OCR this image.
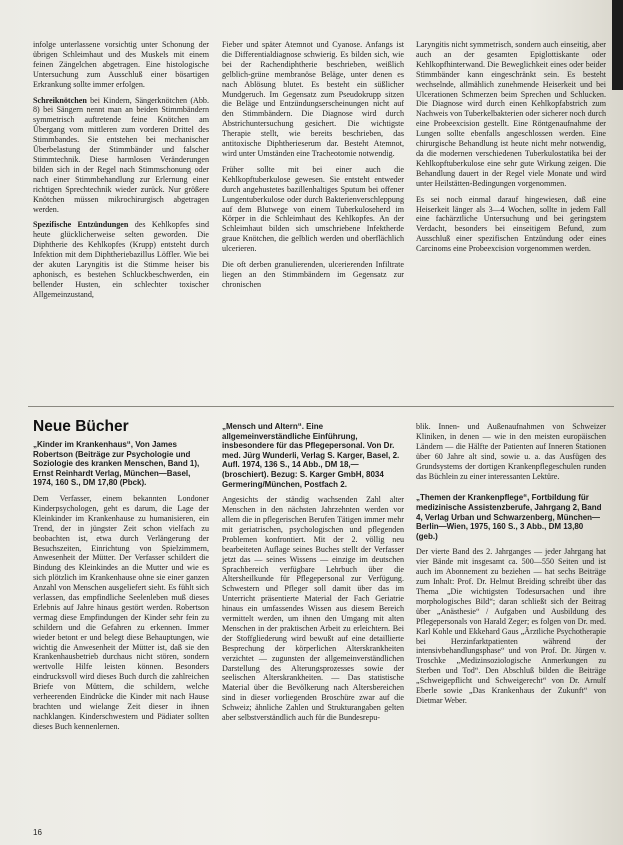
infolge unterlassene vorsichtig unter Schonung der übrigen Schleimhaut und des Muskels mit einem feinen Zängelchen abgetragen. Eine histologische Untersuchung zum Ausschluß einer bösartigen Erkrankung sollte immer erfolgen.

Schreiknötchen bei Kindern, Sängerknötchen (Abb. 8) bei Sängern nennt man an beiden Stimmbändern symmetrisch auftretende feine Knötchen am Übergang vom mittleren zum vorderen Drittel des Stimmbandes. Sie entstehen bei mechanischer Überbelastung der Stimmbänder und falscher Stimmtechnik. Diese harmlosen Veränderungen bilden sich in der Regel nach Stimmschonung oder nach einer Stimmbehandlung zur Erlernung einer richtigen Sprechtechnik wieder zurück. Nur größere Knötchen müssen mikrochirurgisch abgetragen werden.

Spezifische Entzündungen des Kehlkopfes sind heute glücklicherweise selten geworden. Die Diphtherie des Kehlkopfes (Krupp) entsteht durch Infektion mit dem Diphtheriebazillus Löffler. Wie bei der akuten Laryngitis ist die Stimme heiser bis aphonisch, es bestehen Schluckbeschwerden, ein bellender Husten, ein schlechter toxischer Allgemeinzustand,

Fieber und später Atemnot und Cyanose. Anfangs ist die Differentialdiagnose schwierig. Es bilden sich, wie bei der Rachendiphtherie beschrieben, weißlich gelblich-grüne membranöse Beläge, unter denen es nach Ablösung blutet. Es besteht ein süßlicher Mundgeruch. Im Gegensatz zum Pseudokrupp sitzen die Beläge und Entzündungserscheinungen nicht auf den Stimmbändern. Die Diagnose wird durch Abstrichuntersuchung gesichert. Die wichtigste Therapie stellt, wie bereits beschrieben, das antitoxische Diphtherieserum dar. Besteht Atemnot, wird unter Umständen eine Tracheotomie notwendig.

Früher sollte mit bei einer auch die Kehlkopftuberkulose gewesen. Sie entsteht entweder durch angehustetes bazillenhaltiges Sputum bei offener Lungentuberkulose oder durch Bakterienverschleppung auf dem Blutwege von einem Tuberkuloseherd im Körper in die Schleimhaut des Kehlkopfes. An der Schleimhaut bilden sich umschriebene Infektherde graue Knötchen, die gelblich werden und oberflächlich ulcerieren.

Die oft derben granulierenden, ulcerierenden Infiltrate liegen an den Stimmbändern im Gegensatz zur chronischen

Laryngitis nicht symmetrisch, sondern auch einseitig, aber auch an der gesamten Epiglottiskante oder Kehlkopfhinterwand. Die Beweglichkeit eines oder beider Stimmbänder kann eingeschränkt sein. Es besteht wechselnde, allmählich zunehmende Heiserkeit und bei Ulcerationen Schmerzen beim Sprechen und Schlucken. Die Diagnose wird durch einen Kehlkopfabstrich zum Nachweis von Tuberkelbakterien oder sicherer noch durch eine Probeexcision gestellt. Eine Röntgenaufnahme der Lungen sollte ebenfalls angeschlossen werden. Eine chirurgische Behandlung ist heute nicht mehr notwendig, da die modernen verschiedenen Tuberkulostatika bei der Kehlkopftuberkulose eine sehr gute Wirkung zeigen. Die Behandlung dauert in der Regel viele Monate und wird unter Heilstätten-Bedingungen vorgenommen.

Es sei noch einmal darauf hingewiesen, daß eine Heiserkeit länger als 3—4 Wochen, sollte in jedem Fall eine fachärztliche Untersuchung und bei geringstem Verdacht, besonders bei einseitigem Befund, zum Ausschluß einer spezifischen Entzündung oder eines Carcinoms eine Probeexcision vorgenommen werden.

Neue Bücher
„Kinder im Krankenhaus“, Von James Robertson (Beiträge zur Psychologie und Soziologie des kranken Menschen, Band 1), Ernst Reinhardt Verlag, München—Basel, 1974, 160 S., DM 17,80 (Pbck).

Dem Verfasser, einem bekannten Londoner Kinderpsychologen, geht es darum, die Lage der Kleinkinder im Krankenhause zu humanisieren, ein Trend, der in jüngster Zeit schon vielfach zu beobachten ist, etwa durch Verlängerung der Besuchszeiten, Einrichtung von Spielzimmern, Anwesenheit der Mütter. Der Verfasser schildert die Bindung des Kleinkindes an die Mutter und wie es sich plötzlich im Krankenhause ohne sie einer ganzen Anzahl von Menschen ausgeliefert sieht. Es fühlt sich verlassen, das empfindliche Seelenleben muß dieses Erlebnis auf Jahre hinaus gestört werden. Robertson vermag diese Empfindungen der Kinder sehr fein zu schildern und die Gefahren zu erkennen. Immer wieder betont er und belegt diese Behauptungen, wie wichtig die Anwesenheit der Mütter ist, daß sie den Krankenhausbetrieb durchaus nicht stören, sondern wertvolle Hilfe leisten können. Besonders eindrucksvoll wird dieses Buch durch die zahlreichen Briefe von Müttern, die schildern, welche verheerenden Eindrücke die Kinder mit nach Hause brachten und wielange Zeit dieser in ihnen nachklangen. Kinderschwestern und Pädiater sollten dieses Buch kennenlernen.

„Mensch und Altern“. Eine allgemeinverständliche Einführung, insbesondere für das Pflegepersonal. Von Dr. med. Jürg Wunderli, Verlag S. Karger, Basel, 2. Aufl. 1974, 136 S., 14 Abb., DM 18,—(broschiert). Bezug: S. Karger GmbH, 8034 Germering/München, Postfach 2.

Angesichts der ständig wachsenden Zahl alter Menschen in den nächsten Jahrzehnten werden vor allem die in pflegerischen Berufen Tätigen immer mehr mit geriatrischen, psychologischen und pflegenden Problemen konfrontiert. Mit der 2. völlig neu bearbeiteten Auflage seines Buches stellt der Verfasser jetzt das — seines Wissens — einzige im deutschen Sprachbereich verfügbare Lehrbuch über die Altersheilkunde für Pflegepersonal zur Verfügung. Schwestern und Pfleger soll damit über das im Unterricht präsentierte Material der Fach Geriatrie hinaus ein umfassendes Wissen aus diesem Bereich vermittelt werden, um ihnen den Umgang mit alten Menschen in der praktischen Arbeit zu erleichtern. Bei der Stoffgliederung wird bewußt auf eine detaillierte Besprechung der körperlichen Alterskrankheiten verzichtet — zugunsten der allgemeinverständlichen Darstellung des Alterungsprozesses sowie der seelischen Alterskrankheiten. — Das statistische Material über die Bevölkerung nach Altersbereichen sind in dieser vorliegenden Broschüre zwar auf die Schweiz; ähnliche Zahlen und Strukturangaben gelten aber selbstverständlich auch für die Bundesrepu-

blik. Innen- und Außenaufnahmen von Schweizer Kliniken, in denen — wie in den meisten europäischen Ländern — die Hälfte der Patienten auf Inneren Stationen über 60 Jahre alt sind, sowie u. a. das Ausfügen des Grundsystems der dortigen Krankenpflegeschulen runden das Büchlein zu einer interessanten Lektüre.

„Themen der Krankenpflege“, Fortbildung für medizinische Assistenzberufe, Jahrgang 2, Band 4, Verlag Urban und Schwarzenberg, München—Berlin—Wien, 1975, 160 S., 3 Abb., DM 13,80 (geb.)

Der vierte Band des 2. Jahrganges — jeder Jahrgang hat vier Bände mit insgesamt ca. 500—550 Seiten und ist auch im Abonnement zu beziehen — hat sechs Beiträge zum Inhalt: Prof. Dr. Helmut Breiding schreibt über das Thema „Die wichtigsten Todesursachen und ihre morphologisches Bild“; daran schließt sich der Beitrag über „Anästhesie“ / Aufgaben und Ausbildung des Pflegepersonals von Harald Zeger; es folgen von Dr. med. Karl Kohle und Ekkehard Gaus „Ärztliche Psychotherapie bei Herzinfarktpatienten während der intensivbehandlungsphase“ und von Prof. Dr. Jürgen v. Troschke „Medizinsoziologische Anmerkungen zu Sterben und Tod“. Den Abschluß bilden die Beiträge „Schweigepflicht und Schweigerecht“ von Dr. Arnulf Eberle sowie „Das Krankenhaus der Zukunft“ von Dietmar Weber.

16
